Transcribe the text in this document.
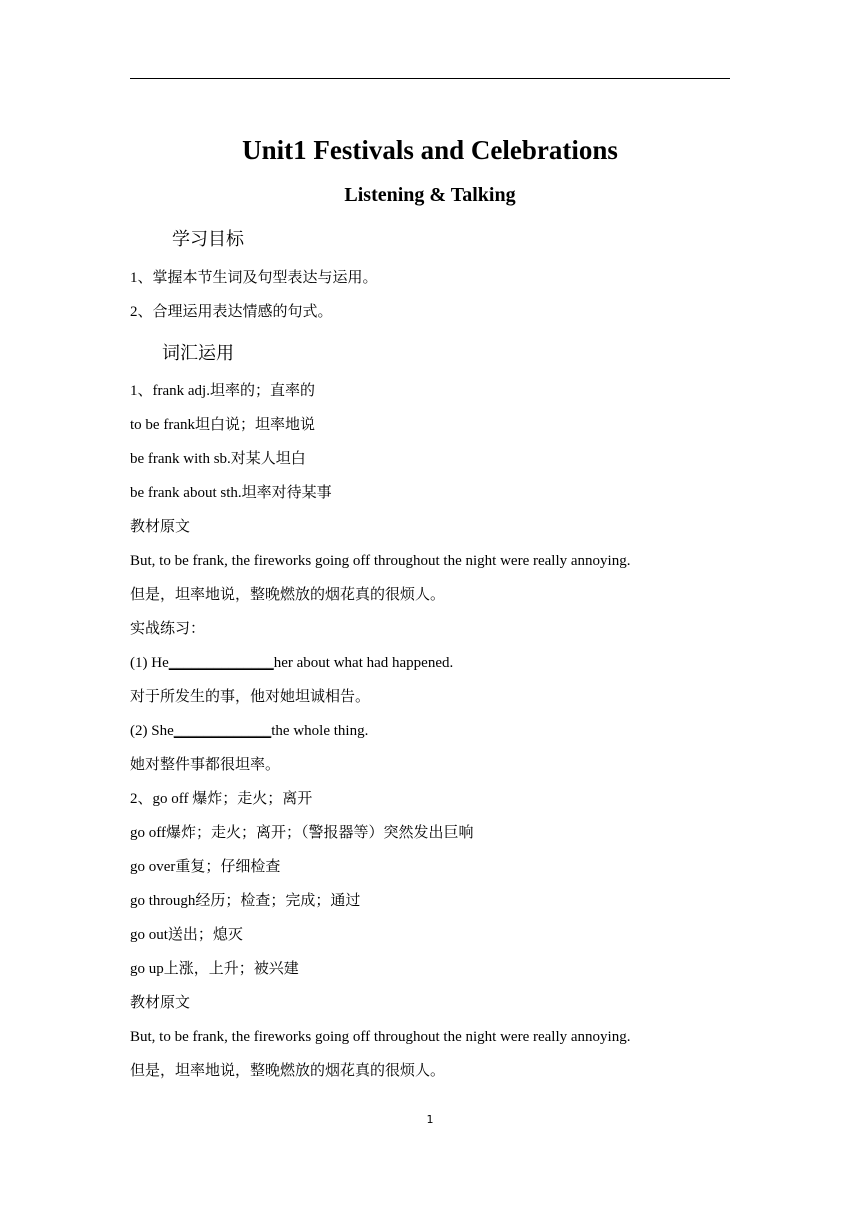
Unit1 Festivals and Celebrations
Listening & Talking
学习目标
1、掌握本节生词及句型表达与运用。
2、合理运用表达情感的句式。
词汇运用
1、frank adj.坦率的；直率的
to be frank坦白说；坦率地说
be frank with sb.对某人坦白
be frank about sth.坦率对待某事
教材原文
But, to be frank, the fireworks going off throughout the night were really annoying.
但是，坦率地说，整晚燃放的烟花真的很烦人。
实战练习：
(1) He______________her about what had happened.
对于所发生的事，他对她坦诚相告。
(2) She_____________the whole thing.
她对整件事都很坦率。
2、go off 爆炸；走火；离开
go off爆炸；走火；离开；（警报器等）突然发出巨响
go over重复；仔细检查
go through经历；检查；完成；通过
go out送出；熄灭
go up上涨，上升；被兴建
教材原文
But, to be frank, the fireworks going off throughout the night were really annoying.
但是，坦率地说，整晚燃放的烟花真的很烦人。
1
